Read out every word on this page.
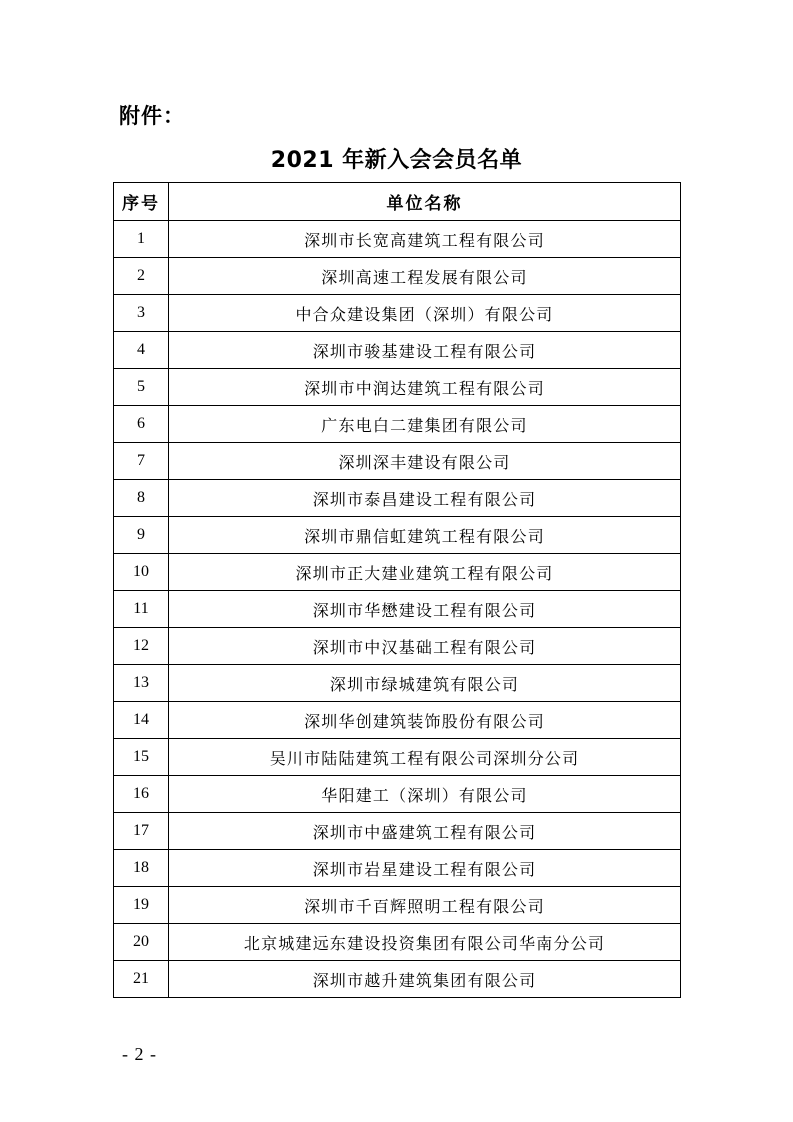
附件：
2021 年新入会会员名单
序号	单位名称
1	深圳市长宽高建筑工程有限公司
2	深圳高速工程发展有限公司
3	中合众建设集团（深圳）有限公司
4	深圳市骏基建设工程有限公司
5	深圳市中润达建筑工程有限公司
6	广东电白二建集团有限公司
7	深圳深丰建设有限公司
8	深圳市泰昌建设工程有限公司
9	深圳市鼎信虹建筑工程有限公司
10	深圳市正大建业建筑工程有限公司
11	深圳市华懋建设工程有限公司
12	深圳市中汉基础工程有限公司
13	深圳市绿城建筑有限公司
14	深圳华创建筑装饰股份有限公司
15	吴川市陆陆建筑工程有限公司深圳分公司
16	华阳建工（深圳）有限公司
17	深圳市中盛建筑工程有限公司
18	深圳市岩星建设工程有限公司
19	深圳市千百辉照明工程有限公司
20	北京城建远东建设投资集团有限公司华南分公司
21	深圳市越升建筑集团有限公司
- 2 -
